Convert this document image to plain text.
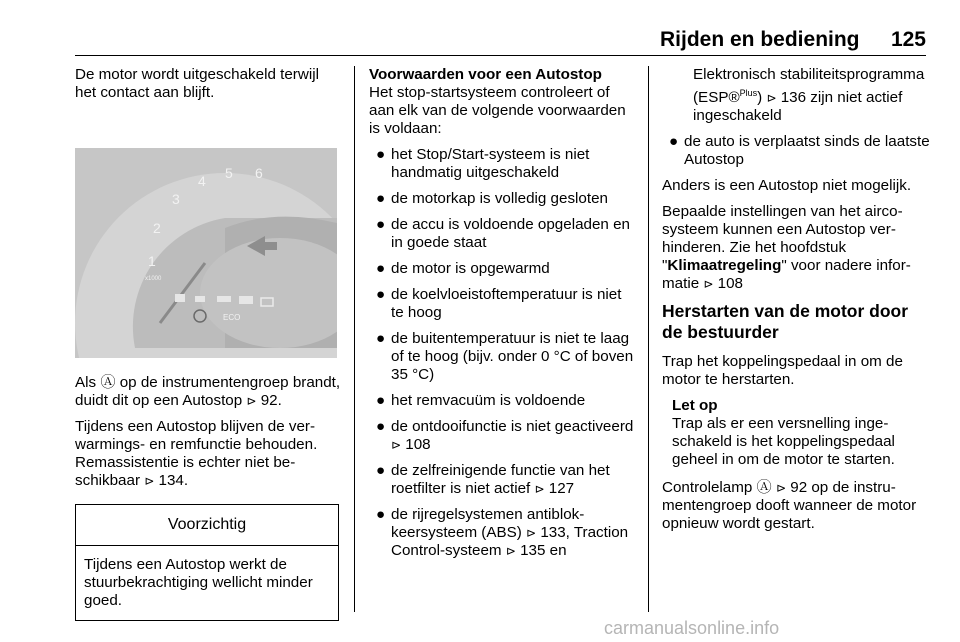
Rijden en bediening	125

De motor wordt uitgeschakeld terwijl het contact aan blijft.

1
2
3
4 5 6
x1000
ECO

Als Ⓐ op de instrumentengroep brandt, duidt dit op een Autostop ⊳ 92.

Tijdens een Autostop blijven de verwarmings- en remfunctie behouden. Remassistentie is echter niet beschikbaar ⊳ 134.

Voorzichtig
Tijdens een Autostop werkt de stuurbekrachtiging wellicht minder goed.

Voorwaarden voor een Autostop

Het stop-startsysteem controleert of aan elk van de volgende voorwaarden is voldaan:

● het Stop/Start-systeem is niet handmatig uitgeschakeld
● de motorkap is volledig gesloten
● de accu is voldoende opgeladen en in goede staat
● de motor is opgewarmd
● de koelvloeistoftemperatuur is niet te hoog
● de buitentemperatuur is niet te laag of te hoog (bijv. onder 0 °C of boven 35 °C)
● het remvacuüm is voldoende
● de ontdooifunctie is niet geactiveerd ⊳ 108
● de zelfreinigende functie van het roetfilter is niet actief ⊳ 127
● de rijregelsystemen antiblokkeersysteem (ABS) ⊳ 133, Traction Control-systeem ⊳ 135 en

Elektronisch stabiliteitsprogramma (ESP®$^{Plus}$) ⊳ 136 zijn niet actief ingeschakeld

● de auto is verplaatst sinds de laatste Autostop

Anders is een Autostop niet mogelijk.

Bepaalde instellingen van het aircosysteem kunnen een Autostop verhinderen. Zie het hoofdstuk "Klimaatregeling" voor nadere informatie ⊳ 108

Herstarten van de motor door de bestuurder

Trap het koppelingspedaal in om de motor te herstarten.

Let op

Trap als er een versnelling ingeschakeld is het koppelingspedaal geheel in om de motor te starten.

Controlelamp Ⓐ ⊳ 92 op de instrumentengroep dooft wanneer de motor opnieuw wordt gestart.

carmanualsonline.info
